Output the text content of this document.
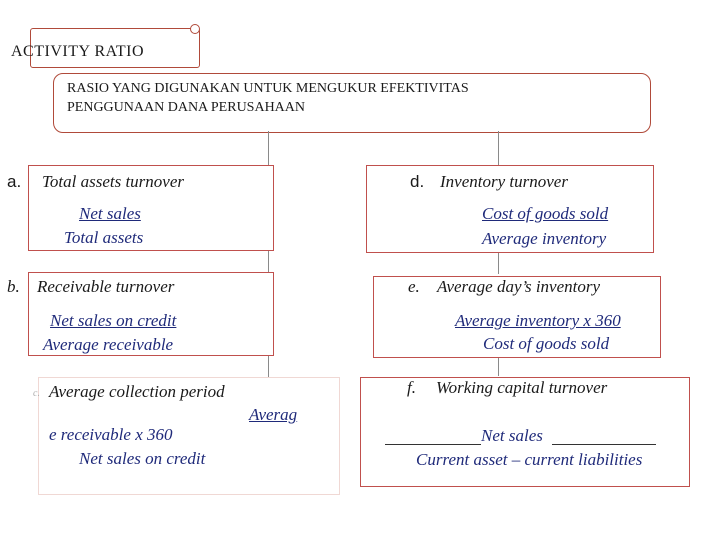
ACTIVITY RATIO
RASIO YANG DIGUNAKAN UNTUK MENGUKUR EFEKTIVITAS
PENGGUNAAN DANA PERUSAHAAN
a. Total assets turnover
Net sales
Total assets
b. Receivable turnover
Net sales on credit
Average receivable
c. Average collection period
Averag
e receivable x 360
Net sales on credit
d. Inventory turnover
Cost of goods sold
Average inventory
e. Average day’s inventory
Average inventory x 360
Cost of goods sold
f. Working capital turnover
Net sales
Current asset – current liabilities
